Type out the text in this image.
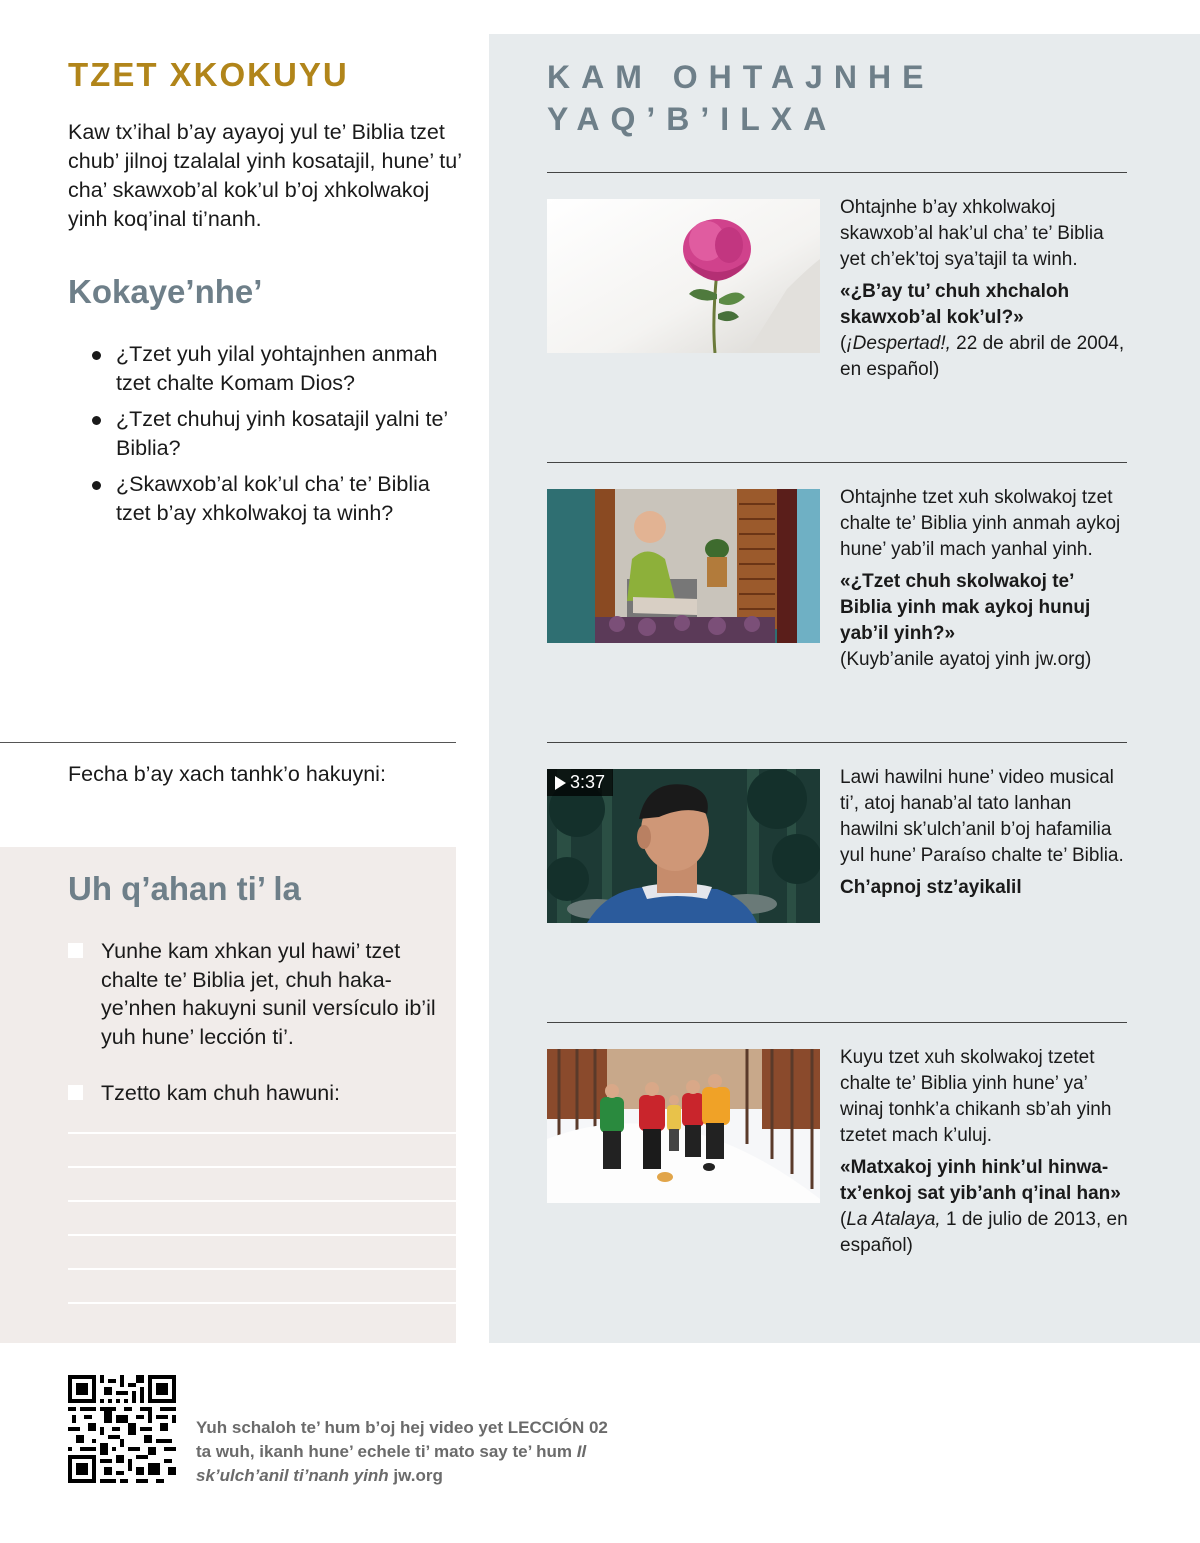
TZET XKOKUYU

Kaw tx’ihal b’ay ayayoj yul te’ Biblia tzet chub’ jilnoj tzalalal yinh kosatajil, hune’ tu’ cha’ skawxob’al kok’ul b’oj xhkolwakoj yinh koq’inal ti’nanh.

Kokaye’nhe’
¿Tzet yuh yilal yohtajnhen anmah tzet chalte Komam Dios?
¿Tzet chuhuj yinh kosatajil yalni te’ Biblia?
¿Skawxob’al kok’ul cha’ te’ Biblia tzet b’ay xhkolwakoj ta winh?

Fecha b’ay xach tanhk’o hakuyni:

Uh q’ahan ti’ la
Yunhe kam xhkan yul hawi’ tzet chalte te’ Biblia jet, chuh hakaye’nhen hakuyni sunil versículo ib’il yuh hune’ lección ti’.
Tzetto kam chuh hawuni:
KAM OHTAJNHE YAQ’B’ILXA

Ohtajnhe b’ay xhkolwakoj skawxob’al hak’ul cha’ te’ Biblia yet ch’ek’toj sya’tajil ta winh.

«¿B’ay tu’ chuh xhchaloh skawxob’al kok’ul?»
(¡Despertad!, 22 de abril de 2004, en español)

Ohtajnhe tzet xuh skolwakoj tzet chalte te’ Biblia yinh anmah aykoj hune’ yab’il mach yanhal yinh.

«¿Tzet chuh skolwakoj te’ Biblia yinh mak aykoj hunuj yab’il yinh?»
(Kuyb’anile ayatoj yinh jw.org)

3:37	Lawi hawilni hune’ video musical ti’, atoj hanab’al tato lanhan hawilni sk’ulch’anil b’oj hafamilia yul hune’ Paraíso chalte te’ Biblia.

Ch’apnoj stz’ayikalil

Kuyu tzet xuh skolwakoj tzetet chalte te’ Biblia yinh hune’ ya’ winaj tonhk’a chikanh sb’ah yinh tzetet mach k’uluj.

«Matxakoj yinh hink’ul hinwatx’enkoj sat yib’anh q’inal han» (La Atalaya, 1 de julio de 2013, en español)

Yuh schaloh te’ hum b’oj hej video yet LECCIÓN 02
ta wuh, ikanh hune’ echele ti’ mato say te’ hum Il
sk’ulch’anil ti’nanh yinh jw.org
